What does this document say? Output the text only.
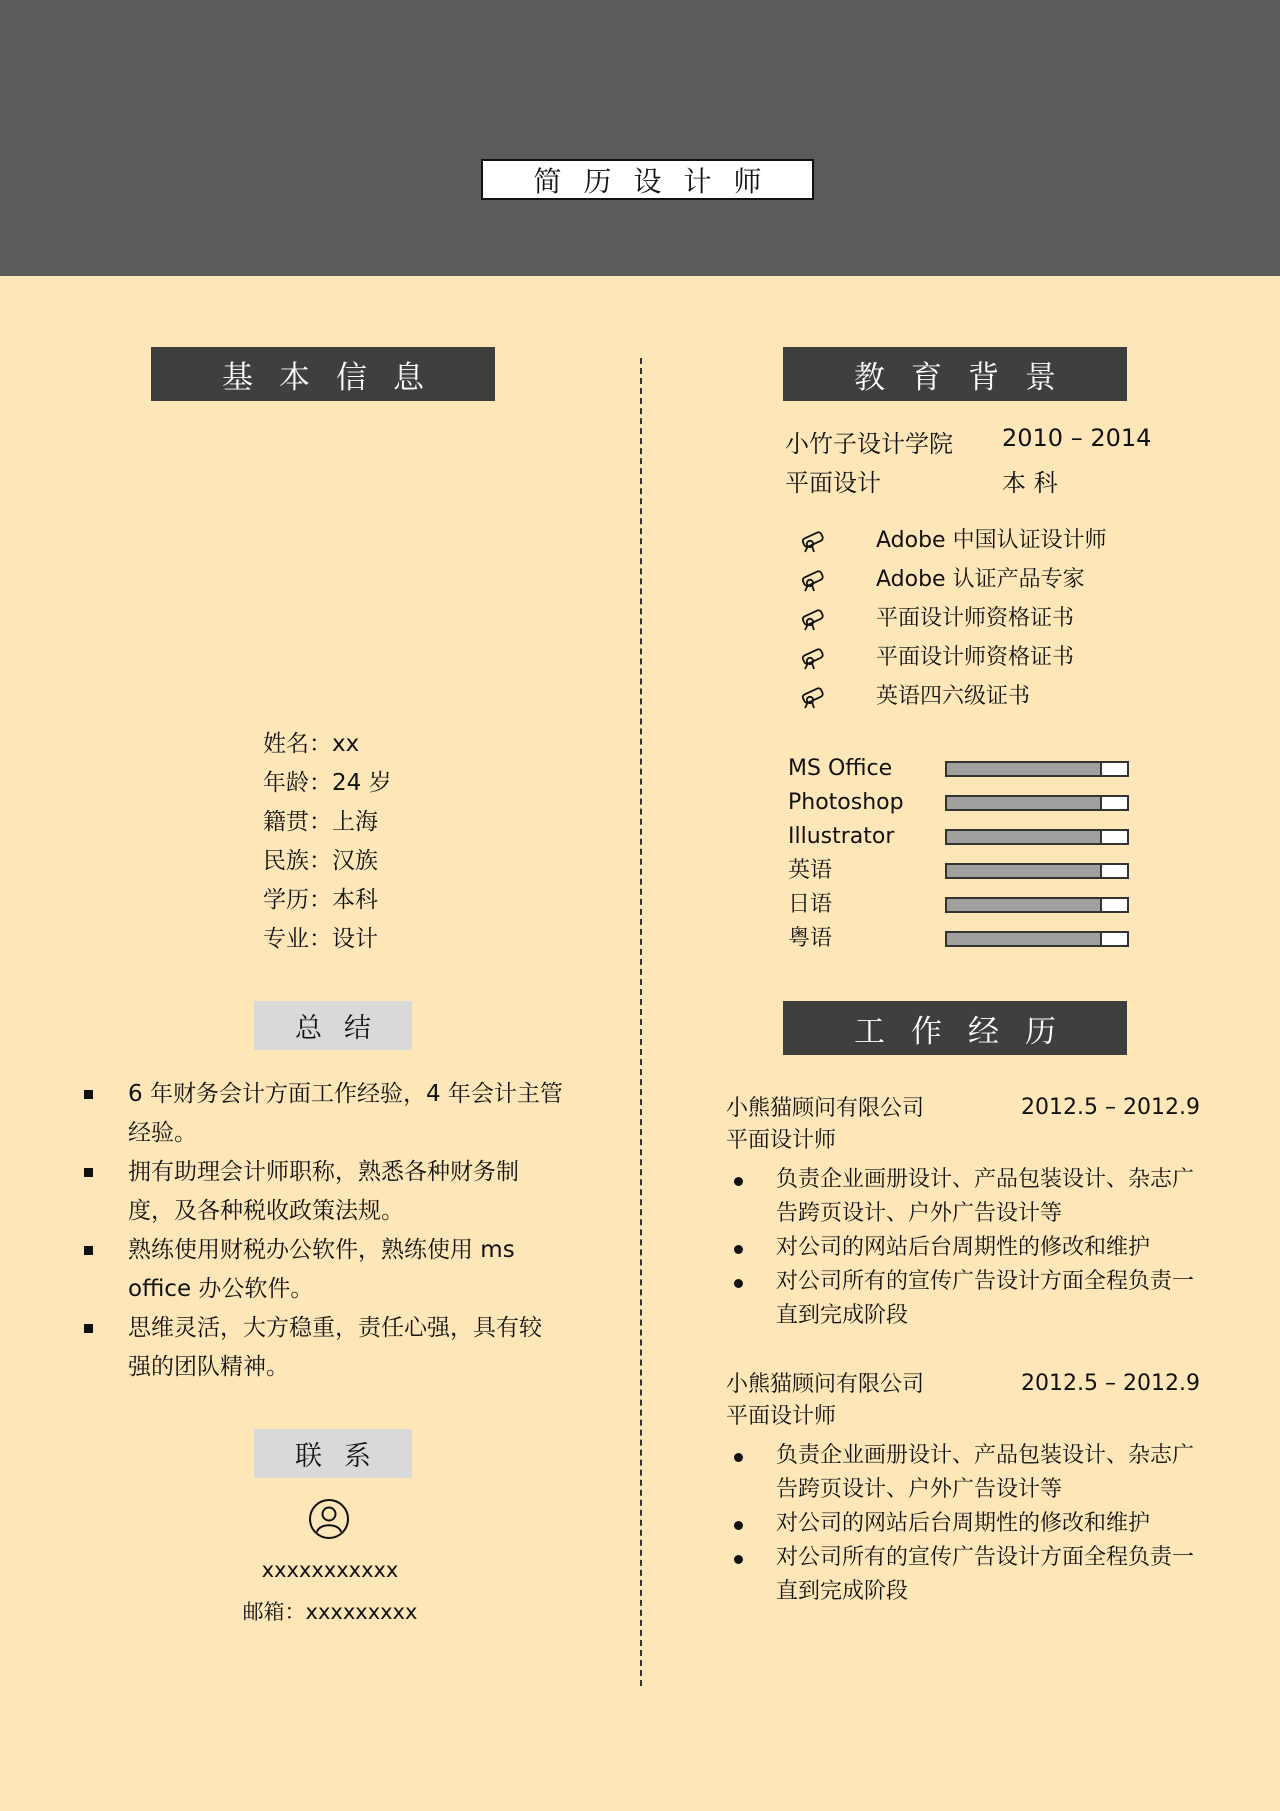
简历设计师
基本信息
姓名：xx
年龄：24 岁
籍贯：上海
民族：汉族
学历：本科
专业：设计
总结
6 年财务会计方面工作经验，4 年会计主管经验。
拥有助理会计师职称，熟悉各种财务制度，及各种税收政策法规。
熟练使用财税办公软件，熟练使用 ms office 办公软件。
思维灵活，大方稳重，责任心强，具有较强的团队精神。
联系
xxxxxxxxxxx
邮箱：xxxxxxxxx
教育背景
小竹子设计学院 2010 – 2014
平面设计	本 科
Adobe 中国认证设计师
Adobe 认证产品专家
平面设计师资格证书
平面设计师资格证书
英语四六级证书
MS Office
Photoshop
Illustrator
英语
日语
粤语
工作经历
小熊猫顾问有限公司	2012.5 – 2012.9
平面设计师
负责企业画册设计、产品包装设计、杂志广告跨页设计、户外广告设计等
对公司的网站后台周期性的修改和维护
对公司所有的宣传广告设计方面全程负责一直到完成阶段
小熊猫顾问有限公司	2012.5 – 2012.9
平面设计师
负责企业画册设计、产品包装设计、杂志广告跨页设计、户外广告设计等
对公司的网站后台周期性的修改和维护
对公司所有的宣传广告设计方面全程负责一直到完成阶段
